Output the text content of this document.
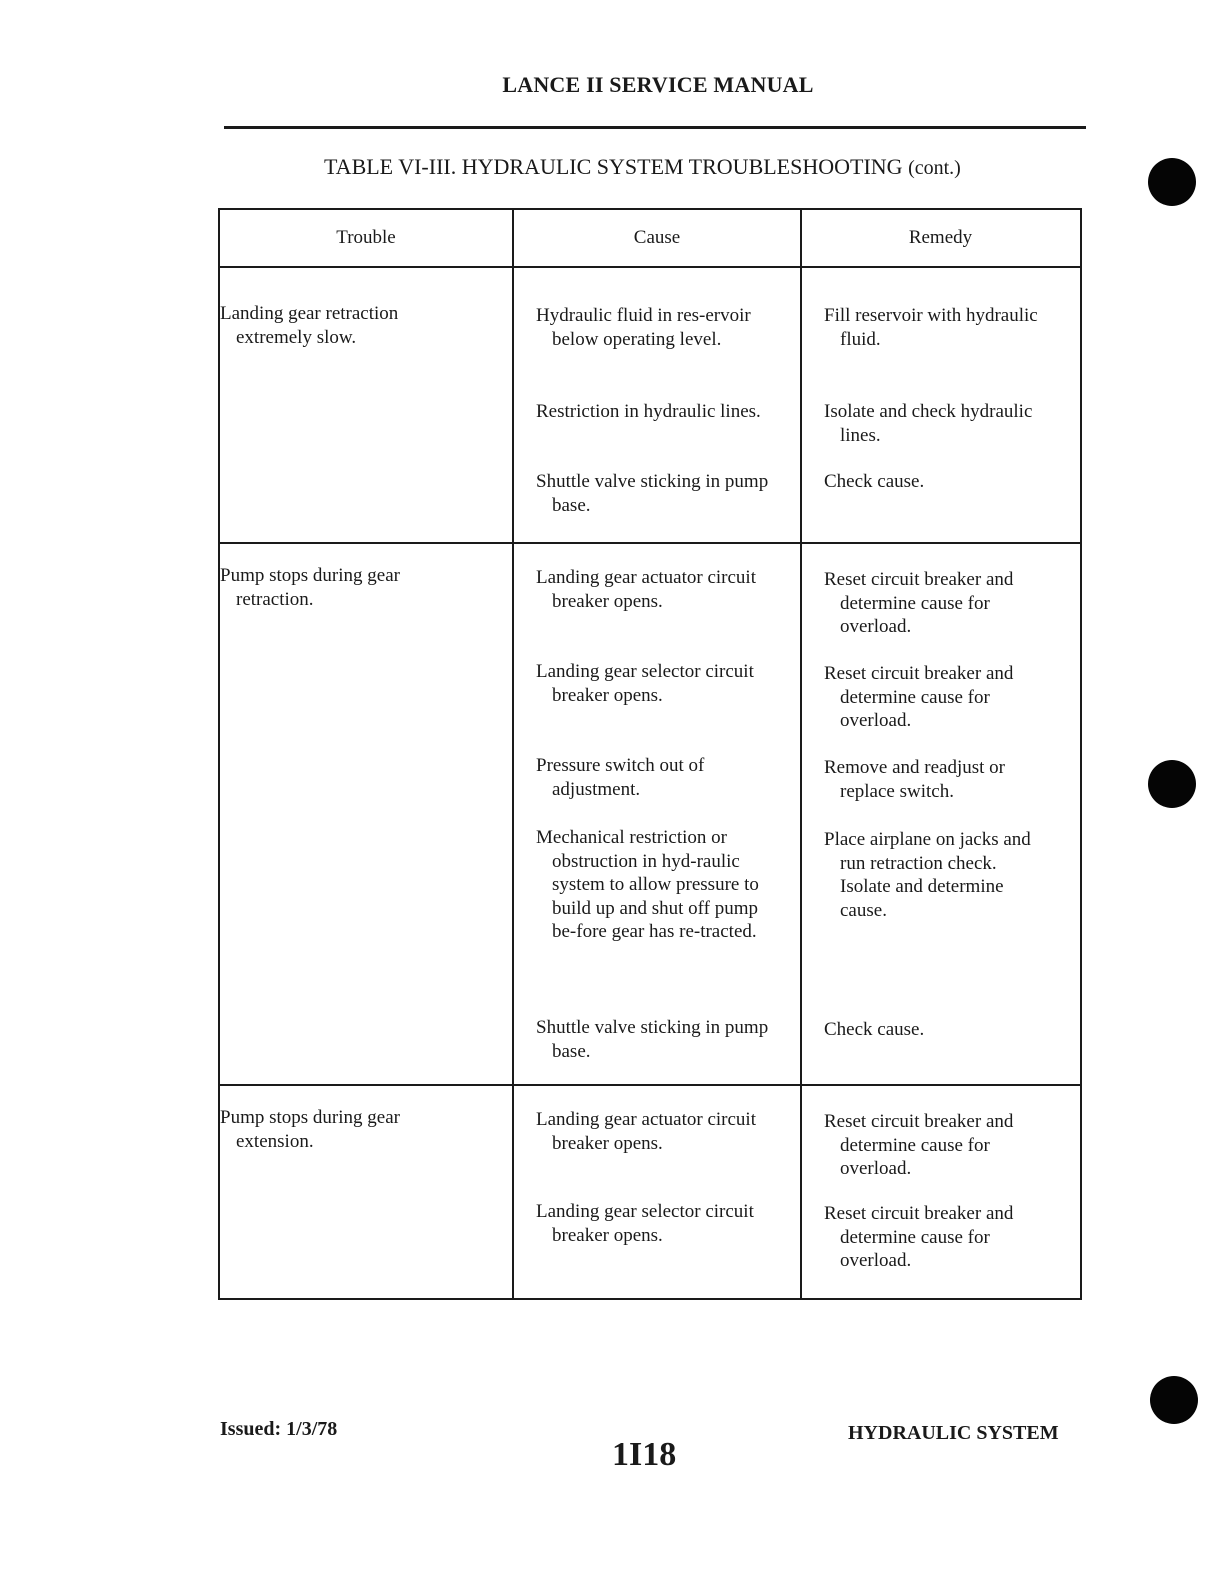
LANCE II SERVICE MANUAL
TABLE VI-III. HYDRAULIC SYSTEM TROUBLESHOOTING (cont.)
Trouble	Cause	Remedy
Landing gear retraction extremely slow.
Hydraulic fluid in res-ervoir below operating level.
Restriction in hydraulic lines.
Shuttle valve sticking in pump base.
Fill reservoir with hydraulic fluid.
Isolate and check hydraulic lines.
Check cause.
Pump stops during gear retraction.
Landing gear actuator circuit breaker opens.
Landing gear selector circuit breaker opens.
Pressure switch out of adjustment.
Mechanical restriction or obstruction in hyd-raulic system to allow pressure to build up and shut off pump be-fore gear has re-tracted.
Shuttle valve sticking in pump base.
Reset circuit breaker and determine cause for overload.
Reset circuit breaker and determine cause for overload.
Remove and readjust or replace switch.
Place airplane on jacks and run retraction check. Isolate and determine cause.
Check cause.
Pump stops during gear extension.
Landing gear actuator circuit breaker opens.
Landing gear selector circuit breaker opens.
Reset circuit breaker and determine cause for overload.
Reset circuit breaker and determine cause for overload.
Issued: 1/3/78
1I18
HYDRAULIC SYSTEM
